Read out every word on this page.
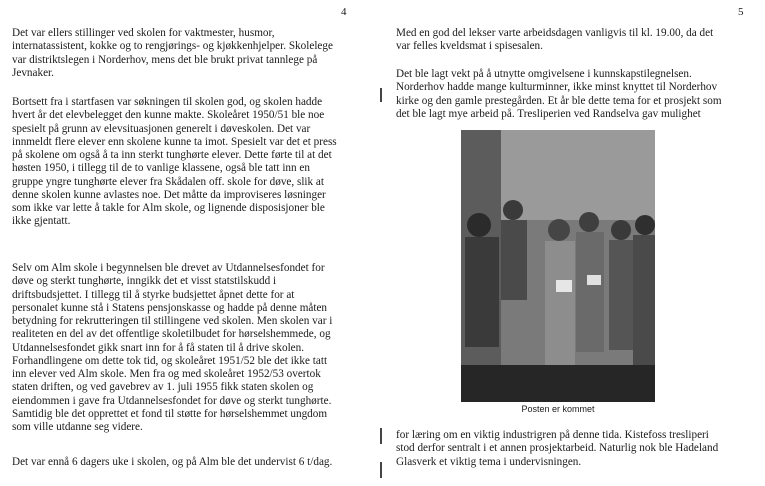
4

Det var ellers stillinger ved skolen for vaktmester, husmor,
internatassistent, kokke og to rengjørings- og kjøkkenhjelper. Skolelege
var distriktslegen i Norderhov, mens det ble brukt privat tannlege på
Jevnaker.

Bortsett fra i startfasen var søkningen til skolen god, og skolen hadde
hvert år det elevbelegget den kunne makte. Skoleåret 1950/51 ble noe
spesielt på grunn av elevsituasjonen generelt i døveskolen. Det var
innmeldt flere elever enn skolene kunne ta imot. Spesielt var det et press
på skolene om også å ta inn sterkt tunghørte elever. Dette førte til at det
høsten 1950, i tillegg til de to vanlige klassene, også ble tatt inn en
gruppe yngre tunghørte elever fra Skådalen off. skole for døve, slik at
denne skolen kunne avlastes noe. Det måtte da improviseres løsninger
som ikke var lette å takle for Alm skole, og lignende disposisjoner ble
ikke gjentatt.

Selv om Alm skole i begynnelsen ble drevet av Utdannelsesfondet for
døve og sterkt tunghørte, inngikk det et visst statstilskudd i
driftsbudsjettet. I tillegg til å styrke budsjettet åpnet dette for at
personalet kunne stå i Statens pensjonskasse og hadde på denne måten
betydning for rekrutteringen til stillingene ved skolen. Men skolen var i
realiteten en del av det offentlige skoletilbudet for hørselshemmede, og
Utdannelsesfondet gikk snart inn for å få staten til å drive skolen.
Forhandlingene om dette tok tid, og skoleåret 1951/52 ble det ikke tatt
inn elever ved Alm skole. Men fra og med skoleåret 1952/53 overtok
staten driften, og ved gavebrev av 1. juli 1955 fikk staten skolen og
eiendommen i gave fra Utdannelsesfondet for døve og sterkt tunghørte.
Samtidig ble det opprettet et fond til støtte for hørselshemmet ungdom
som ville utdanne seg videre.

Det var ennå 6 dagers uke i skolen, og på Alm ble det undervist 6 t/dag.

5

Med en god del lekser varte arbeidsdagen vanligvis til kl. 19.00, da det
var felles kveldsmat i spisesalen.

Det ble lagt vekt på å utnytte omgivelsene i kunnskapstilegnelsen.
Norderhov hadde mange kulturminner, ikke minst knyttet til Norderhov
kirke og den gamle prestegården. Et år ble dette tema for et prosjekt som
det ble lagt mye arbeid på. Tresliperien ved Randselva gav mulighet

Posten er kommet

for læring om en viktig industrigren på denne tida. Kistefoss tresliperi
stod derfor sentralt i et annen prosjektarbeid. Naturlig nok ble Hadeland
Glasverk et viktig tema i undervisningen.
